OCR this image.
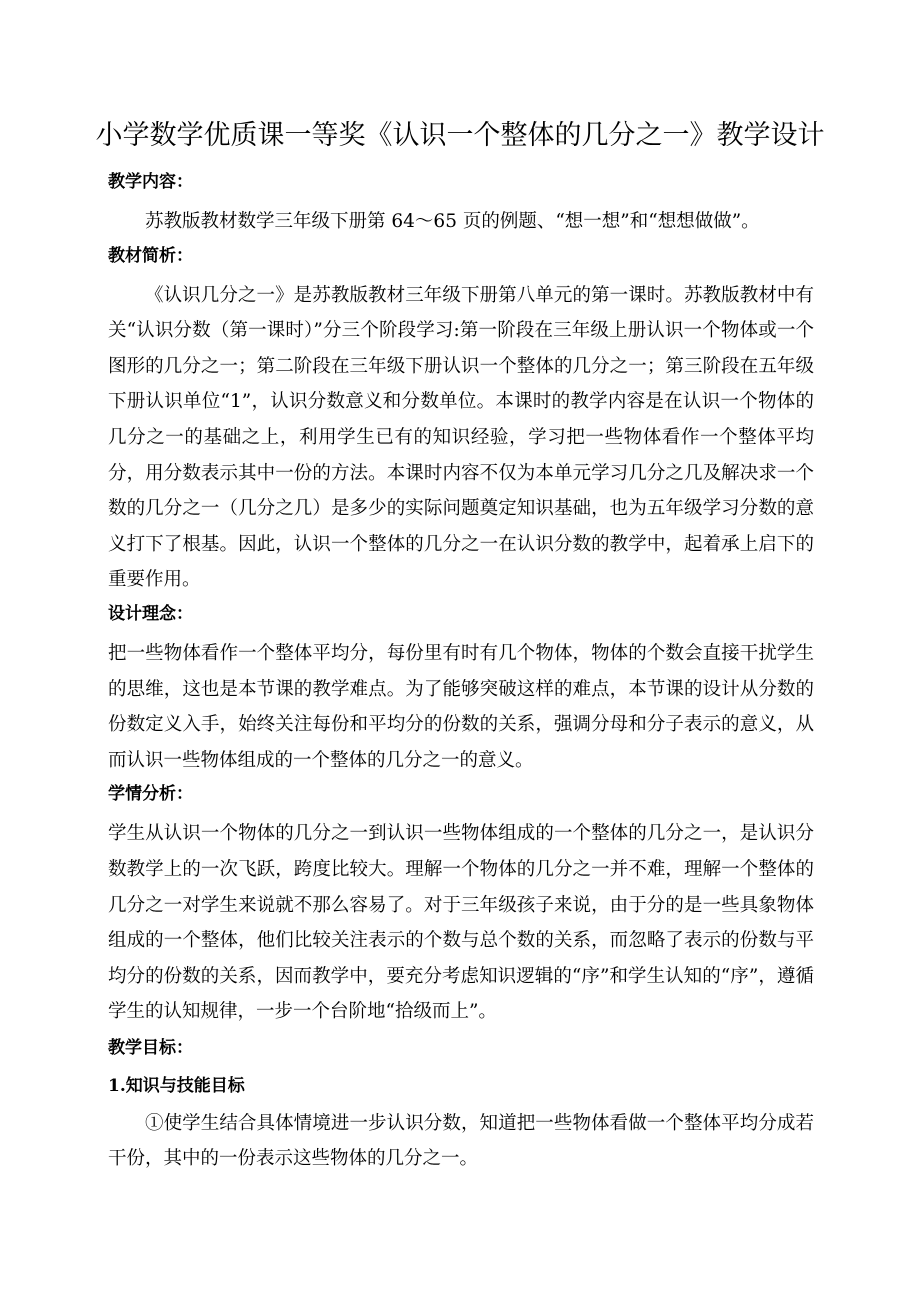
小学数学优质课一等奖《认识一个整体的几分之一》教学设计
教学内容：

苏教版教材数学三年级下册第 64～65 页的例题、“想一想”和“想想做做”。

教材简析：

《认识几分之一》是苏教版教材三年级下册第八单元的第一课时。苏教版教材中有关“认识分数（第一课时）”分三个阶段学习:第一阶段在三年级上册认识一个物体或一个图形的几分之一；第二阶段在三年级下册认识一个整体的几分之一；第三阶段在五年级下册认识单位“1”，认识分数意义和分数单位。本课时的教学内容是在认识一个物体的几分之一的基础之上，利用学生已有的知识经验，学习把一些物体看作一个整体平均分，用分数表示其中一份的方法。本课时内容不仅为本单元学习几分之几及解决求一个数的几分之一（几分之几）是多少的实际问题奠定知识基础，也为五年级学习分数的意义打下了根基。因此，认识一个整体的几分之一在认识分数的教学中，起着承上启下的重要作用。

设计理念：

把一些物体看作一个整体平均分，每份里有时有几个物体，物体的个数会直接干扰学生的思维，这也是本节课的教学难点。为了能够突破这样的难点，本节课的设计从分数的份数定义入手，始终关注每份和平均分的份数的关系，强调分母和分子表示的意义，从而认识一些物体组成的一个整体的几分之一的意义。

学情分析：

学生从认识一个物体的几分之一到认识一些物体组成的一个整体的几分之一，是认识分数教学上的一次飞跃，跨度比较大。理解一个物体的几分之一并不难，理解一个整体的几分之一对学生来说就不那么容易了。对于三年级孩子来说，由于分的是一些具象物体组成的一个整体，他们比较关注表示的个数与总个数的关系，而忽略了表示的份数与平均分的份数的关系，因而教学中，要充分考虑知识逻辑的“序”和学生认知的“序”，遵循学生的认知规律，一步一个台阶地“拾级而上”。

教学目标：
1.知识与技能目标

①使学生结合具体情境进一步认识分数，知道把一些物体看做一个整体平均分成若干份，其中的一份表示这些物体的几分之一。
